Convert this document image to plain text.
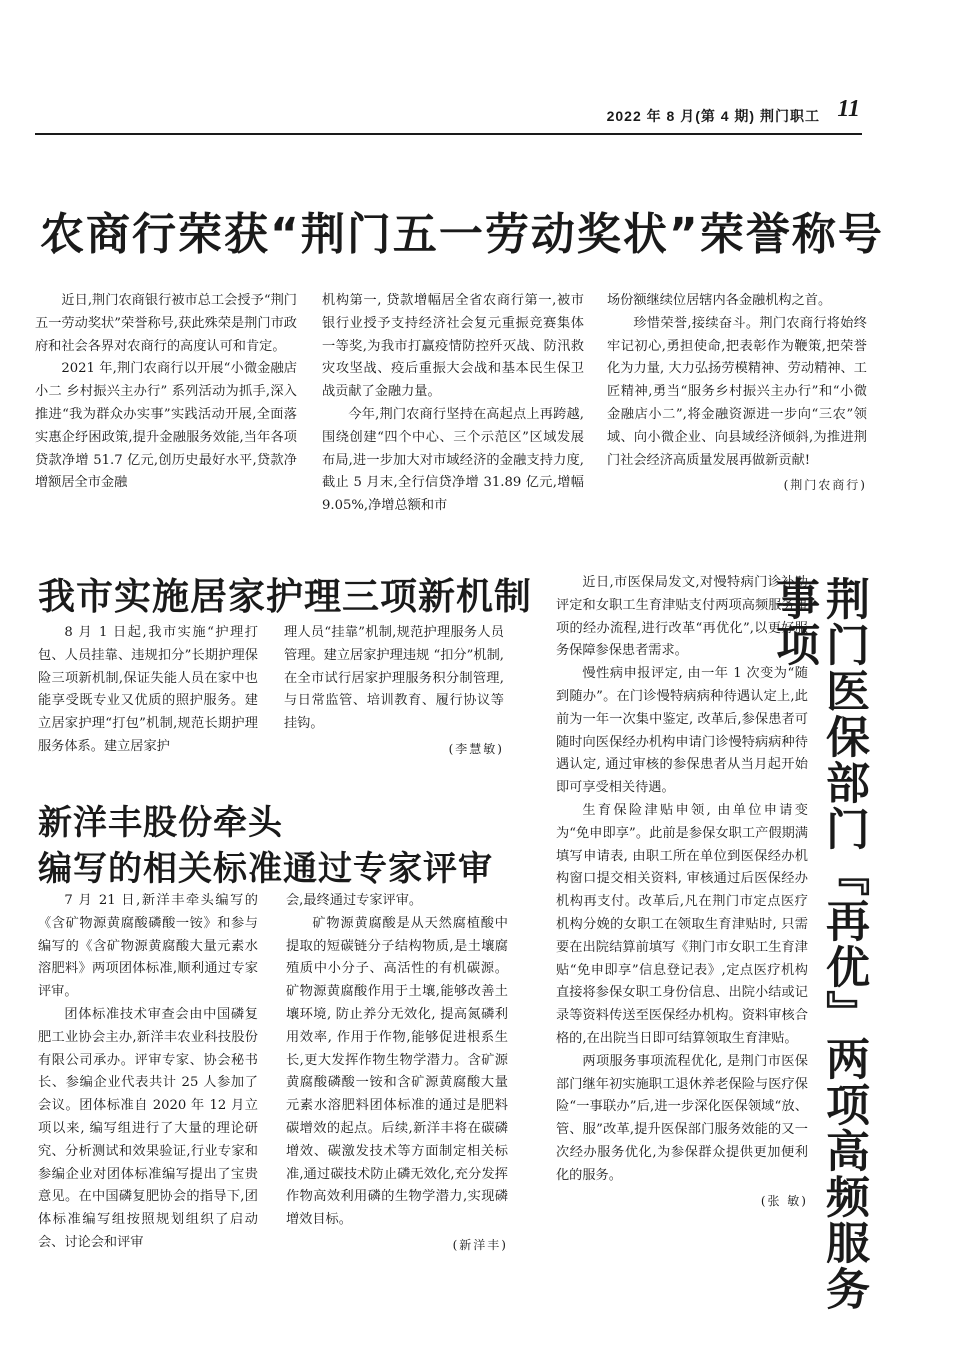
2022 年 8 月(第 4 期) 荆门职工 11
农商行荣获“荆门五一劳动奖状”荣誉称号

近日,荆门农商银行被市总工会授予“荆门五一劳动奖状”荣誉称号,获此殊荣是荆门市政府和社会各界对农商行的高度认可和肯定。

2021 年,荆门农商行以开展“小微金融店小二 乡村振兴主办行” 系列活动为抓手,深入推进“我为群众办实事”实践活动开展,全面落实惠企纾困政策,提升金融服务效能,当年各项贷款净增 51.7 亿元,创历史最好水平,贷款净增额居全市金融

机构第一, 贷款增幅居全省农商行第一,被市银行业授予支持经济社会复元重振竞赛集体一等奖,为我市打赢疫情防控歼灭战、防汛救灾攻坚战、疫后重振大会战和基本民生保卫战贡献了金融力量。

今年,荆门农商行坚持在高起点上再跨越,围绕创建“四个中心、三个示范区”区域发展布局,进一步加大对市域经济的金融支持力度,截止 5 月末,全行信贷净增 31.89 亿元,增幅 9.05%,净增总额和市

场份额继续位居辖内各金融机构之首。

珍惜荣誉,接续奋斗。荆门农商行将始终牢记初心,勇担使命,把表彰作为鞭策,把荣誉化为力量, 大力弘扬劳模精神、劳动精神、工匠精神,勇当“服务乡村振兴主办行”和“小微金融店小二”,将金融资源进一步向“三农”领域、向小微企业、向县域经济倾斜,为推进荆门社会经济高质量发展再做新贡献!

(荆门农商行)
我市实施居家护理三项新机制

8 月 1 日起,我市实施“护理打包、人员挂靠、违规扣分”长期护理保险三项新机制,保证失能人员在家中也能享受既专业又优质的照护服务。建立居家护理“打包”机制,规范长期护理服务体系。建立居家护

理人员“挂靠”机制,规范护理服务人员管理。建立居家护理违规 “扣分”机制,在全市试行居家护理服务积分制管理,与日常监管、培训教育、履行协议等挂钩。

(李慧敏)
新洋丰股份牵头
编写的相关标准通过专家评审

7 月 21 日,新洋丰牵头编写的《含矿物源黄腐酸磷酸一铵》和参与编写的《含矿物源黄腐酸大量元素水溶肥料》两项团体标准,顺利通过专家评审。

团体标准技术审查会由中国磷复肥工业协会主办,新洋丰农业科技股份有限公司承办。评审专家、协会秘书长、参编企业代表共计 25 人参加了会议。团体标准自 2020 年 12 月立项以来, 编写组进行了大量的理论研究、分析测试和效果验证,行业专家和参编企业对团体标准编写提出了宝贵意见。在中国磷复肥协会的指导下,团体标准编写组按照规划组织了启动会、讨论会和评审

会,最终通过专家评审。

矿物源黄腐酸是从天然腐植酸中提取的短碳链分子结构物质,是土壤腐殖质中小分子、高活性的有机碳源。矿物源黄腐酸作用于土壤,能够改善土壤环境, 防止养分无效化, 提高氮磷利用效率, 作用于作物,能够促进根系生长,更大发挥作物生物学潜力。含矿源黄腐酸磷酸一铵和含矿源黄腐酸大量元素水溶肥料团体标准的通过是肥料碳增效的起点。后续,新洋丰将在碳磷增效、碳激发技术等方面制定相关标准,通过碳技术防止磷无效化,充分发挥作物高效利用磷的生物学潜力,实现磷增效目标。

(新洋丰)

近日,市医保局发文,对慢特病门诊补助评定和女职工生育津贴支付两项高频服务事项的经办流程,进行改革“再优化”,以更好服务保障参保患者需求。

慢性病申报评定, 由一年 1 次变为“随到随办”。在门诊慢特病病种待遇认定上,此前为一年一次集中鉴定, 改革后,参保患者可随时向医保经办机构申请门诊慢特病病种待遇认定, 通过审核的参保患者从当月起开始即可享受相关待遇。

生育保险津贴申领, 由单位申请变为“免申即享”。此前是参保女职工产假期满填写申请表, 由职工所在单位到医保经办机构窗口提交相关资料, 审核通过后医保经办机构再支付。改革后,凡在荆门市定点医疗机构分娩的女职工在领取生育津贴时, 只需要在出院结算前填写《荆门市女职工生育津贴“免申即享”信息登记表》,定点医疗机构直接将参保女职工身份信息、出院小结或记录等资料传送至医保经办机构。资料审核合格的,在出院当日即可结算领取生育津贴。

两项服务事项流程优化, 是荆门市医保部门继年初实施职工退休养老保险与医疗保险“一事联办”后,进一步深化医保领域“放、管、服”改革,提升医保部门服务效能的又一次经办服务优化,为参保群众提供更加便利化的服务。

(张 敏) 荆门医保部门『再优』两项高频服务事项
